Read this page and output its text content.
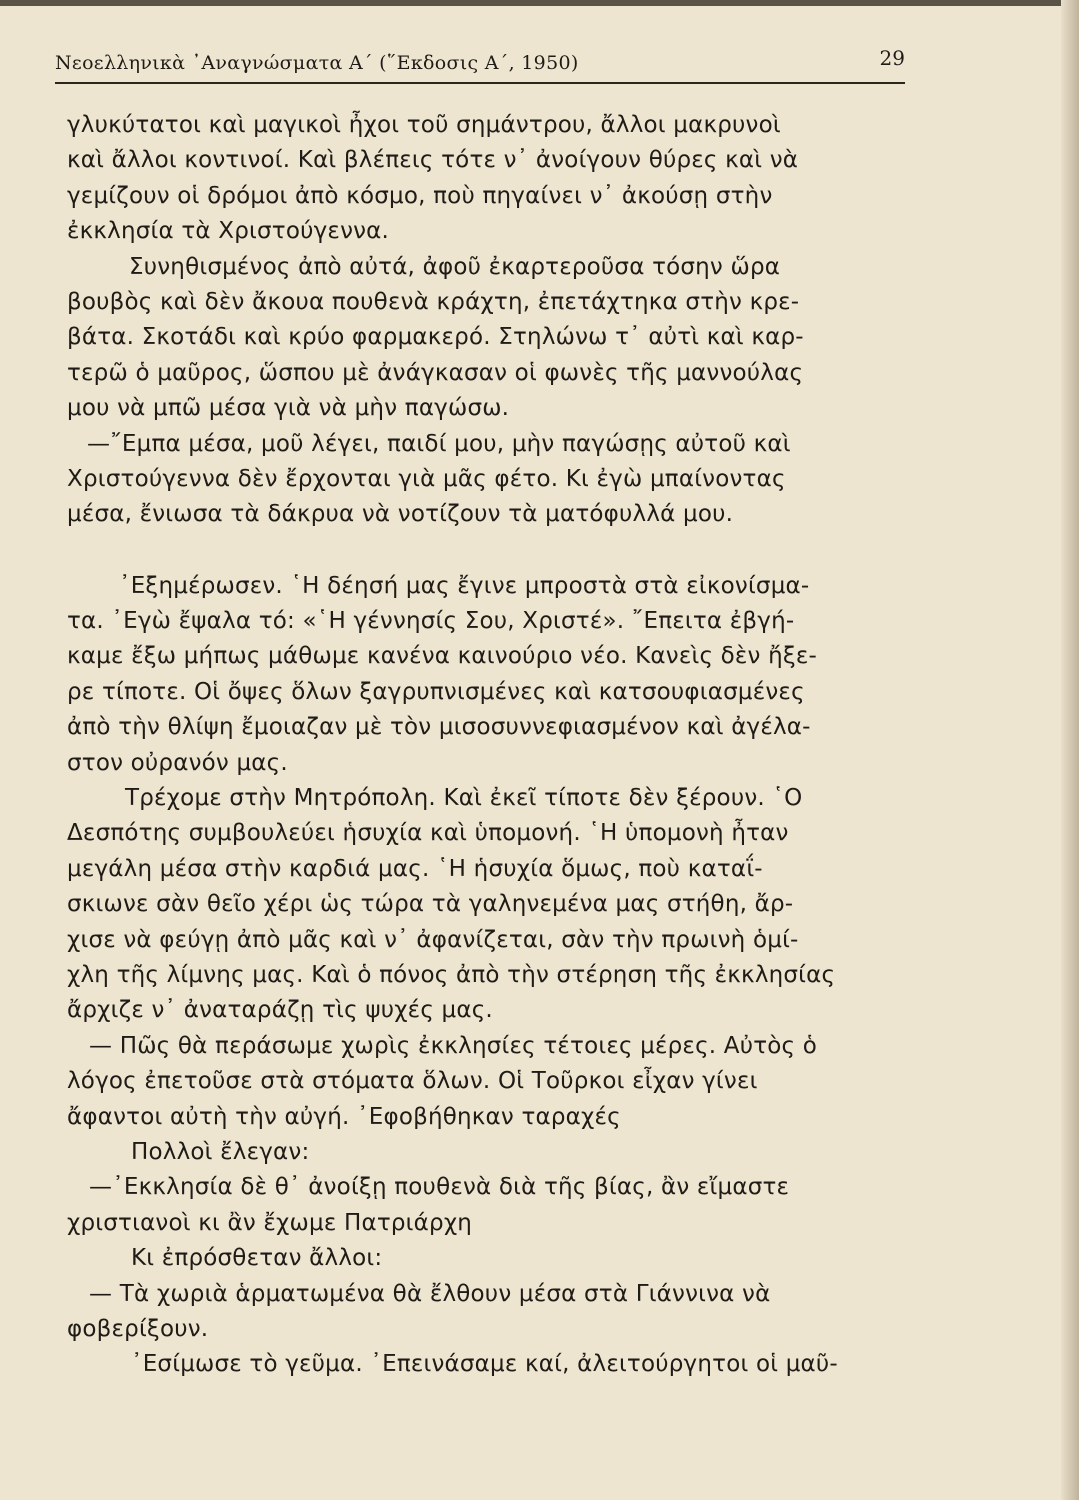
Νεοελληνικὰ ᾿Αναγνώσματα Α΄ (῞Εκδοσις Α΄, 1950)	29
γλυκύτατοι καὶ μαγικοὶ ἦχοι τοῦ σημάντρου, ἄλλοι μακρυνοὶ
καὶ ἄλλοι κοντινοί. Καὶ βλέπεις τότε ν᾿ ἀνοίγουν θύρες καὶ νὰ
γεμίζουν οἱ δρόμοι ἀπὸ κόσμο, ποὺ πηγαίνει ν᾿ ἀκούσῃ στὴν
ἐκκλησία τὰ Χριστούγεννα.
Συνηθισμένος ἀπὸ αὐτά, ἀφοῦ ἐκαρτεροῦσα τόσην ὥρα
βουβὸς καὶ δὲν ἄκουα πουθενὰ κράχτη, ἐπετάχτηκα στὴν κρε-
βάτα. Σκοτάδι καὶ κρύο φαρμακερό. Στηλώνω τ᾿ αὐτὶ καὶ καρ-
τερῶ ὁ μαῦρος, ὥσπου μὲ ἀνάγκασαν οἱ φωνὲς τῆς μαννούλας
μου νὰ μπῶ μέσα γιὰ νὰ μὴν παγώσω.
—῎Εμπα μέσα, μοῦ λέγει, παιδί μου, μὴν παγώσῃς αὐτοῦ καὶ
Χριστούγεννα δὲν ἔρχονται γιὰ μᾶς φέτο. Κι ἐγὼ μπαίνοντας
μέσα, ἔνιωσα τὰ δάκρυα νὰ νοτίζουν τὰ ματόφυλλά μου.
᾿Εξημέρωσεν. ῾Η δέησή μας ἔγινε μπροστὰ στὰ εἰκονίσμα-
τα. ᾿Εγὼ ἔψαλα τό: «῾Η γέννησίς Σου, Χριστέ». ῎Επειτα ἐβγή-
καμε ἔξω μήπως μάθωμε κανένα καινούριο νέο. Κανεὶς δὲν ἤξε-
ρε τίποτε. Οἱ ὄψες ὅλων ξαγρυπνισμένες καὶ κατσουφιασμένες
ἀπὸ τὴν θλίψη ἔμοιαζαν μὲ τὸν μισοσυννεφιασμένον καὶ ἀγέλα-
στον οὐρανόν μας.
Τρέχομε στὴν Μητρόπολη. Καὶ ἐκεῖ τίποτε δὲν ξέρουν. ῾Ο
Δεσπότης συμβουλεύει ἡσυχία καὶ ὑπομονή. ῾Η ὑπομονὴ ἦταν
μεγάλη μέσα στὴν καρδιά μας. ῾Η ἡσυχία ὅμως, ποὺ καταΐ-
σκιωνε σὰν θεῖο χέρι ὡς τώρα τὰ γαληνεμένα μας στήθη, ἄρ-
χισε νὰ φεύγῃ ἀπὸ μᾶς καὶ ν᾿ ἀφανίζεται, σὰν τὴν πρωινὴ ὁμί-
χλη τῆς λίμνης μας. Καὶ ὁ πόνος ἀπὸ τὴν στέρηση τῆς ἐκκλησίας
ἄρχιζε ν᾿ ἀναταράζῃ τὶς ψυχές μας.
— Πῶς θὰ περάσωμε χωρὶς ἐκκλησίες τέτοιες μέρες. Αὐτὸς ὁ
λόγος ἐπετοῦσε στὰ στόματα ὅλων. Οἱ Τοῦρκοι εἶχαν γίνει
ἄφαντοι αὐτὴ τὴν αὐγή. ᾿Εφοβήθηκαν ταραχές
Πολλοὶ ἔλεγαν:
—᾿Εκκλησία δὲ θ᾿ ἀνοίξῃ πουθενὰ διὰ τῆς βίας, ἂν εἴμαστε
χριστιανοὶ κι ἂν ἔχωμε Πατριάρχη
Κι ἐπρόσθεταν ἄλλοι:
— Τὰ χωριὰ ἁρματωμένα θὰ ἔλθουν μέσα στὰ Γιάννινα νὰ
φοβερίξουν.
᾿Εσίμωσε τὸ γεῦμα. ᾿Επεινάσαμε καί, ἀλειτούργητοι οἱ μαῦ-
